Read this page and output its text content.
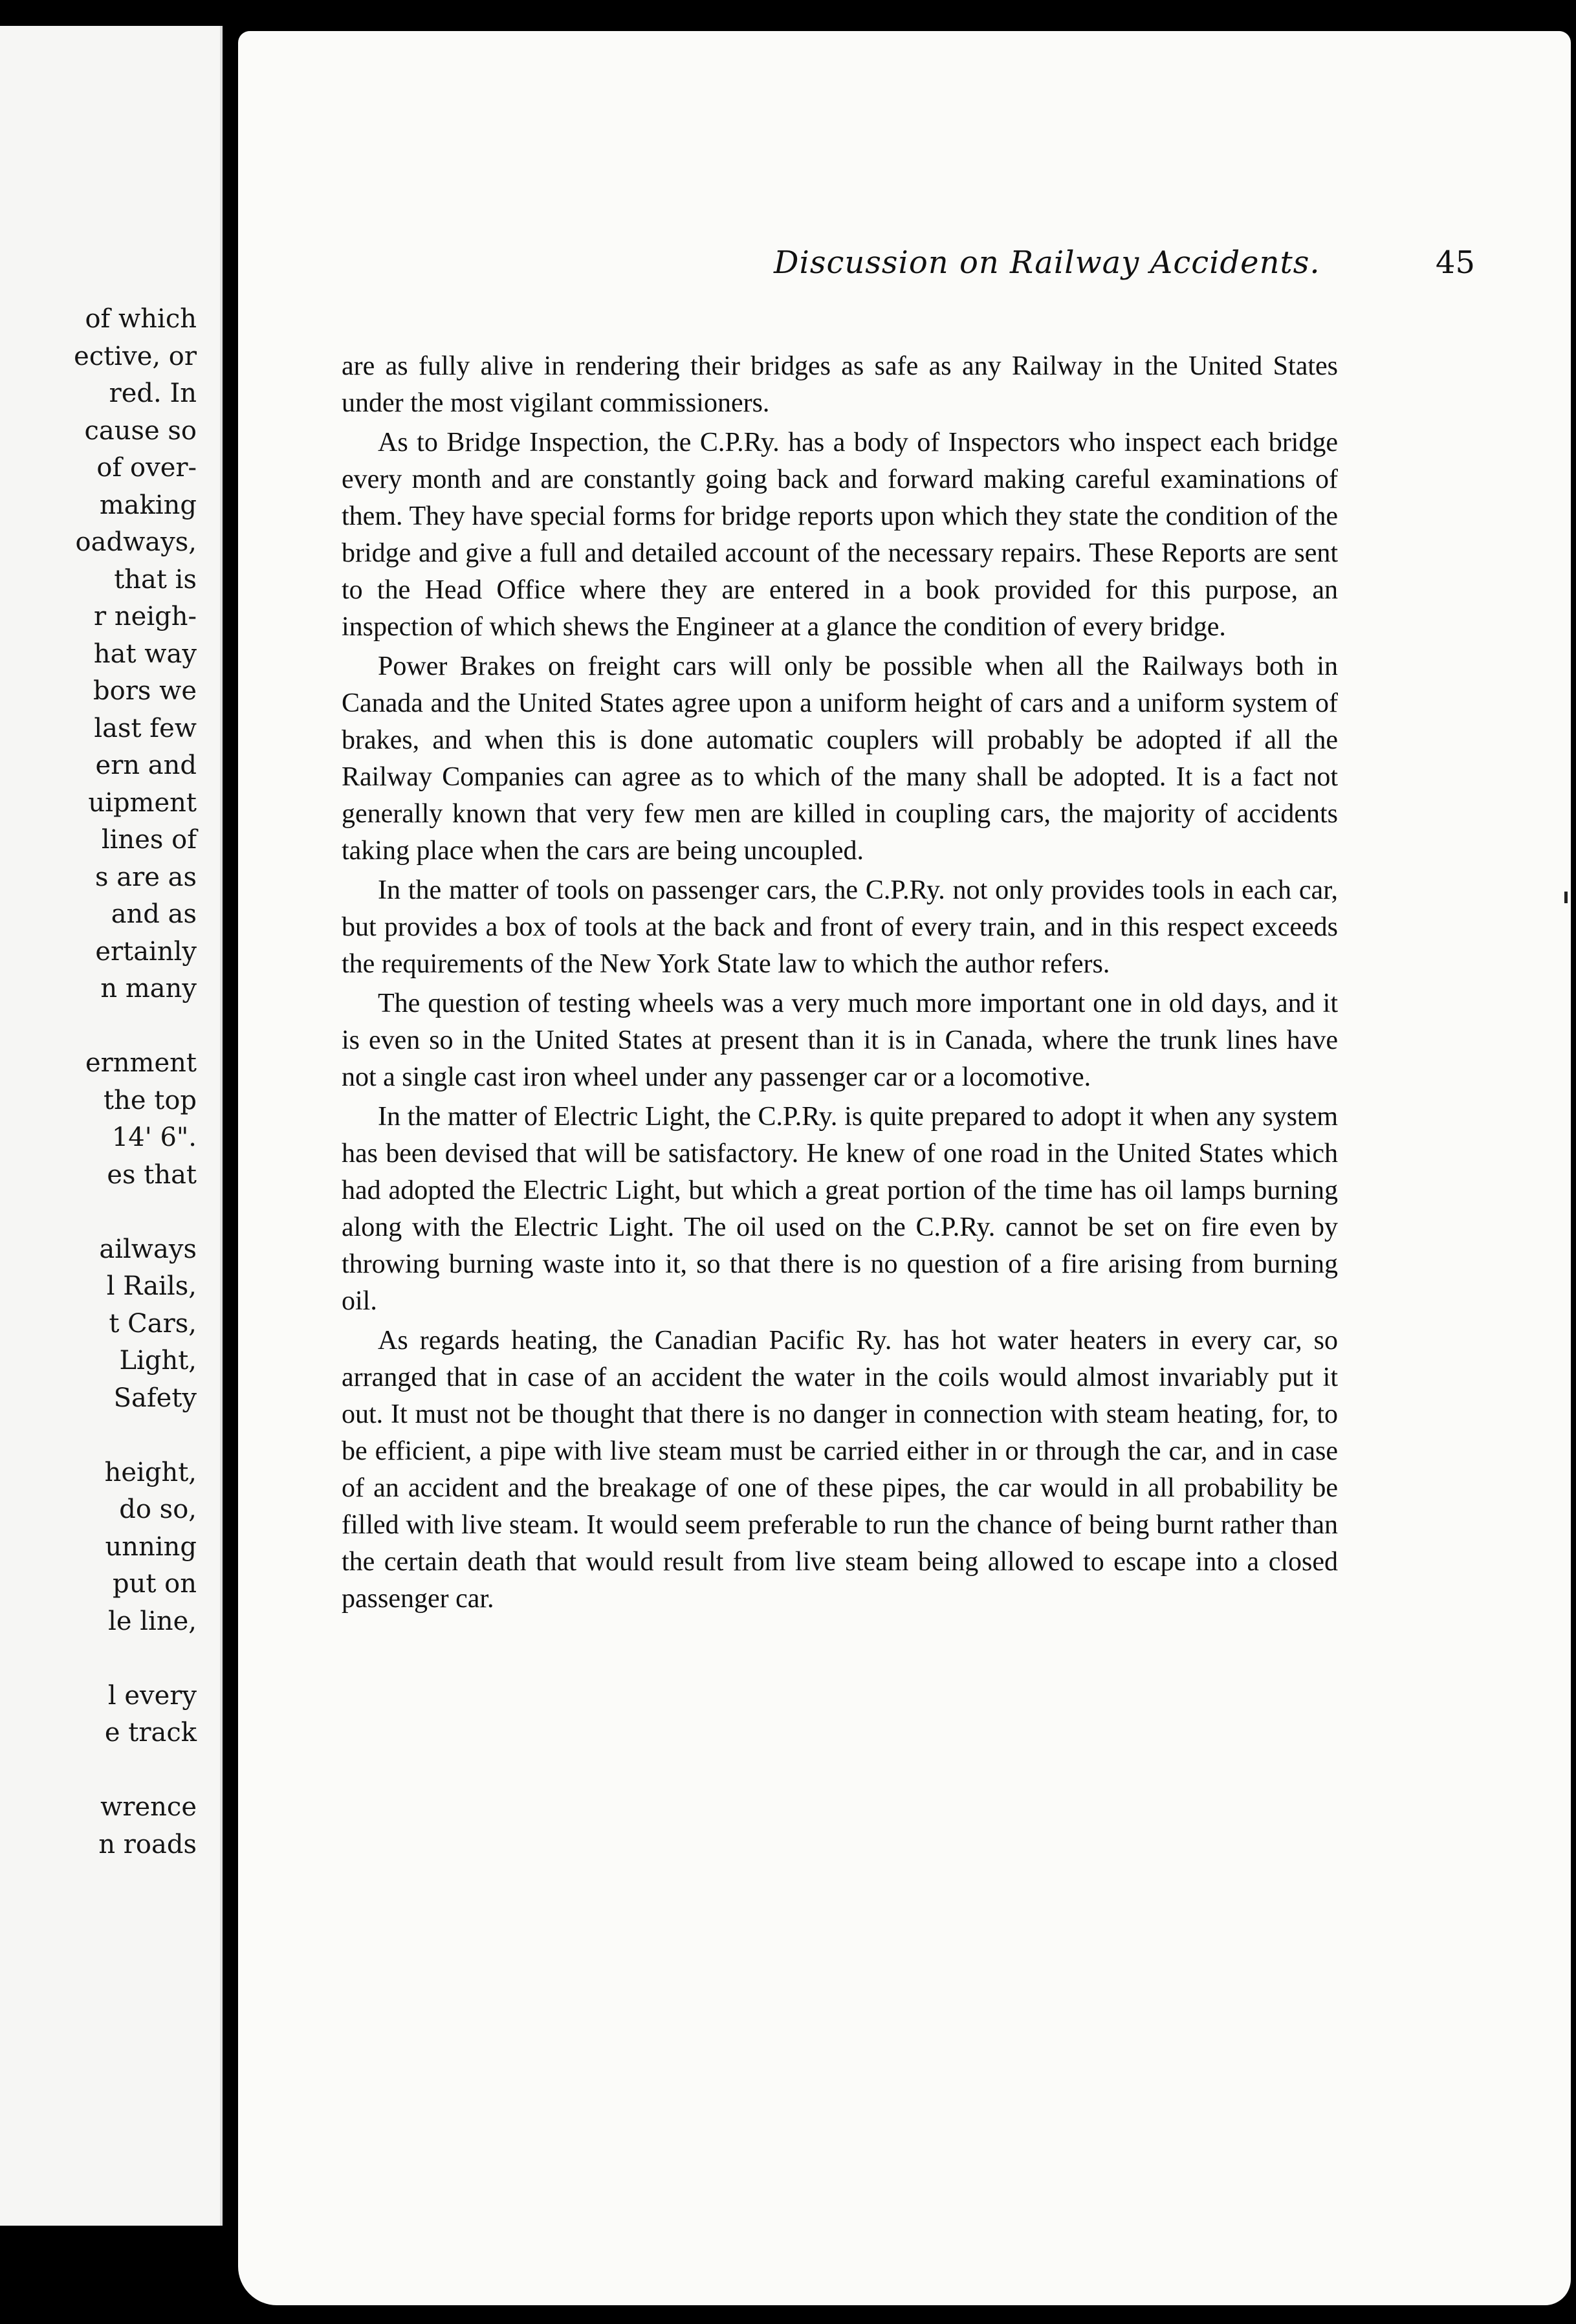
of which
ective, or
red. In
cause so
of over-
making
oadways,
that is
r neigh-
hat way
bors we
last few
ern and
uipment
lines of
s are as
and as
ertainly
n many
ernment
the top
14' 6".
es that
ailways
l Rails,
t Cars,
Light,
Safety
height,
do so,
unning
put on
le line,
l every
e track
wrence
n roads
Discussion on Railway Accidents.	45

are as fully alive in rendering their bridges as safe as any Railway in the United States under the most vigilant commissioners.

As to Bridge Inspection, the C.P.Ry. has a body of Inspectors who inspect each bridge every month and are constantly going back and forward making careful examinations of them. They have special forms for bridge reports upon which they state the condition of the bridge and give a full and detailed account of the necessary repairs. These Reports are sent to the Head Office where they are entered in a book provided for this purpose, an inspection of which shews the Engineer at a glance the condition of every bridge.

Power Brakes on freight cars will only be possible when all the Railways both in Canada and the United States agree upon a uniform height of cars and a uniform system of brakes, and when this is done automatic couplers will probably be adopted if all the Railway Companies can agree as to which of the many shall be adopted. It is a fact not generally known that very few men are killed in coupling cars, the majority of accidents taking place when the cars are being uncoupled.

In the matter of tools on passenger cars, the C.P.Ry. not only provides tools in each car, but provides a box of tools at the back and front of every train, and in this respect exceeds the requirements of the New York State law to which the author refers.

The question of testing wheels was a very much more important one in old days, and it is even so in the United States at present than it is in Canada, where the trunk lines have not a single cast iron wheel under any passenger car or a locomotive.

In the matter of Electric Light, the C.P.Ry. is quite prepared to adopt it when any system has been devised that will be satisfactory. He knew of one road in the United States which had adopted the Electric Light, but which a great portion of the time has oil lamps burning along with the Electric Light. The oil used on the C.P.Ry. cannot be set on fire even by throwing burning waste into it, so that there is no question of a fire arising from burning oil.

As regards heating, the Canadian Pacific Ry. has hot water heaters in every car, so arranged that in case of an accident the water in the coils would almost invariably put it out. It must not be thought that there is no danger in connection with steam heating, for, to be efficient, a pipe with live steam must be carried either in or through the car, and in case of an accident and the breakage of one of these pipes, the car would in all probability be filled with live steam. It would seem preferable to run the chance of being burnt rather than the certain death that would result from live steam being allowed to escape into a closed passenger car.
